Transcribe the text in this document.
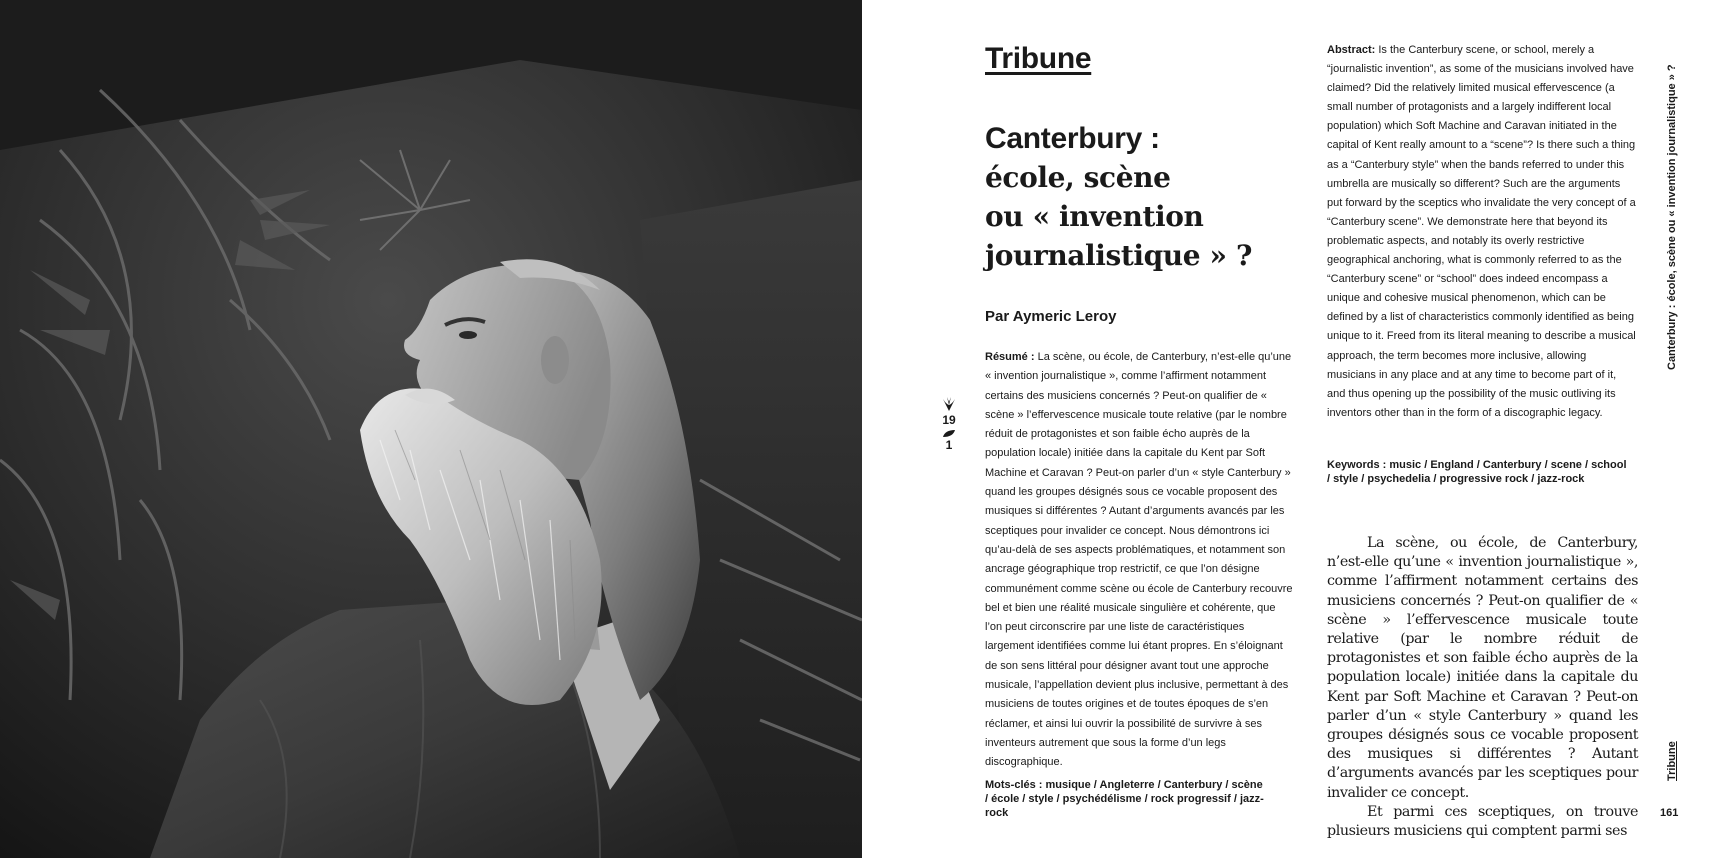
Tribune
Canterbury :
école, scène
ou « invention
journalistique » ?

Par Aymeric Leroy

19
1

Résumé : La scène, ou école, de Canterbury, n’est-elle qu’une « invention journalistique », comme l’affirment notamment certains des musiciens concernés ? Peut-on qualifier de « scène » l’effervescence musicale toute relative (par le nombre réduit de protagonistes et son faible écho auprès de la population locale) initiée dans la capitale du Kent par Soft Machine et Caravan ? Peut-on parler d’un « style Canterbury » quand les groupes désignés sous ce vocable proposent des musiques si différentes ? Autant d’arguments avancés par les sceptiques pour invalider ce concept. Nous démontrons ici qu’au-delà de ses aspects problématiques, et notamment son ancrage géographique trop restrictif, ce que l’on désigne communément comme scène ou école de Canterbury recouvre bel et bien une réalité musicale singulière et cohérente, que l’on peut circonscrire par une liste de caractéristiques largement identifiées comme lui étant propres. En s’éloignant de son sens littéral pour désigner avant tout une approche musicale, l’appellation devient plus inclusive, permettant à des musiciens de toutes origines et de toutes époques de s’en réclamer, et ainsi lui ouvrir la possibilité de survivre à ses inventeurs autrement que sous la forme d’un legs discographique.

Mots-clés : musique / Angleterre / Canterbury / scène / école / style / psychédélisme / rock progressif / jazz-rock

Abstract: Is the Canterbury scene, or school, merely a “journalistic invention”, as some of the musicians involved have claimed? Did the relatively limited musical effervescence (a small number of protagonists and a largely indifferent local population) which Soft Machine and Caravan initiated in the capital of Kent really amount to a “scene”? Is there such a thing as a “Canterbury style” when the bands referred to under this umbrella are musically so different? Such are the arguments put forward by the sceptics who invalidate the very concept of a “Canterbury scene”. We demonstrate here that beyond its problematic aspects, and notably its overly restrictive geographical anchoring, what is commonly referred to as the “Canterbury scene” or “school” does indeed encompass a unique and cohesive musical phenomenon, which can be defined by a list of characteristics commonly identified as being unique to it. Freed from its literal meaning to describe a musical approach, the term becomes more inclusive, allowing musicians in any place and at any time to become part of it, and thus opening up the possibility of the music outliving its inventors other than in the form of a discographic legacy.

Keywords : music / England / Canterbury / scene / school / style / psychedelia / progressive rock / jazz-rock

La scène, ou école, de Canterbury, n’est-elle qu’une « invention journalistique », comme l’affirment notamment certains des musiciens concernés ? Peut-on qualifier de « scène » l’effervescence musicale toute relative (par le nombre réduit de protagonistes et son faible écho auprès de la population locale) initiée dans la capitale du Kent par Soft Machine et Caravan ? Peut-on parler d’un « style Canterbury » quand les groupes désignés sous ce vocable proposent des musiques si différentes ? Autant d’arguments avancés par les sceptiques pour invalider ce concept.

Et parmi ces sceptiques, on trouve plusieurs musiciens qui comptent parmi ses

Canterbury : école, scène ou « invention journalistique » ?
Tribune
161
